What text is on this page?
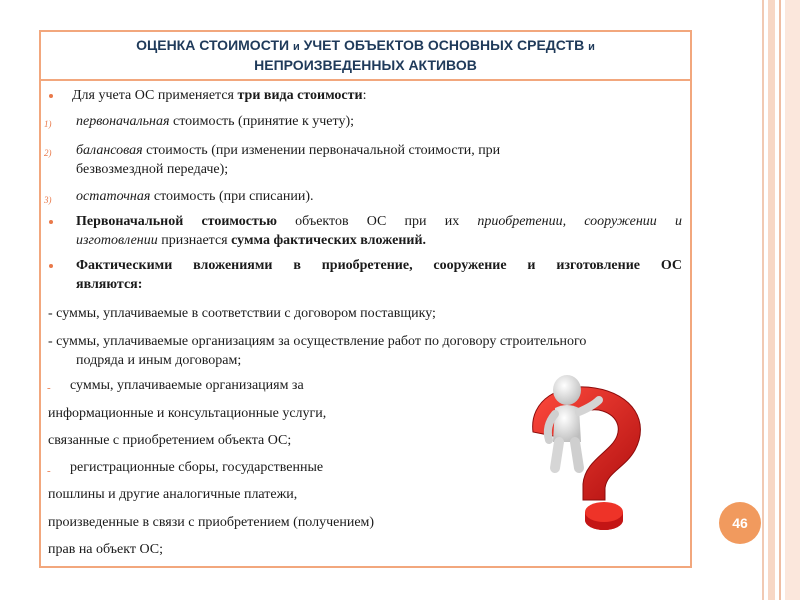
ОЦЕНКА СТОИМОСТИ и УЧЕТ ОБЪЕКТОВ ОСНОВНЫХ СРЕДСТВ и
НЕПРОИЗВЕДЕННЫХ АКТИВОВ
Для учета ОС применяется три вида стоимости:
1) первоначальная стоимость (принятие к учету);
2) балансовая стоимость (при изменении первоначальной стоимости, при
безвозмездной передаче);
3) остаточная стоимость (при списании).
Первоначальной стоимостью объектов ОС при их приобретении, сооружении и
изготовлении признается сумма фактических вложений.
Фактическими вложениями в приобретение, сооружение и изготовление ОС
являются:
- суммы, уплачиваемые в соответствии с договором поставщику;
- суммы, уплачиваемые организациям за осуществление работ по договору строительного
подряда и иным договорам;
- суммы, уплачиваемые организациям за
информационные и консультационные услуги,
связанные с приобретением объекта ОС;
- регистрационные сборы, государственные
пошлины и другие аналогичные платежи,
произведенные в связи с приобретением (получением)
прав на объект ОС;
46
